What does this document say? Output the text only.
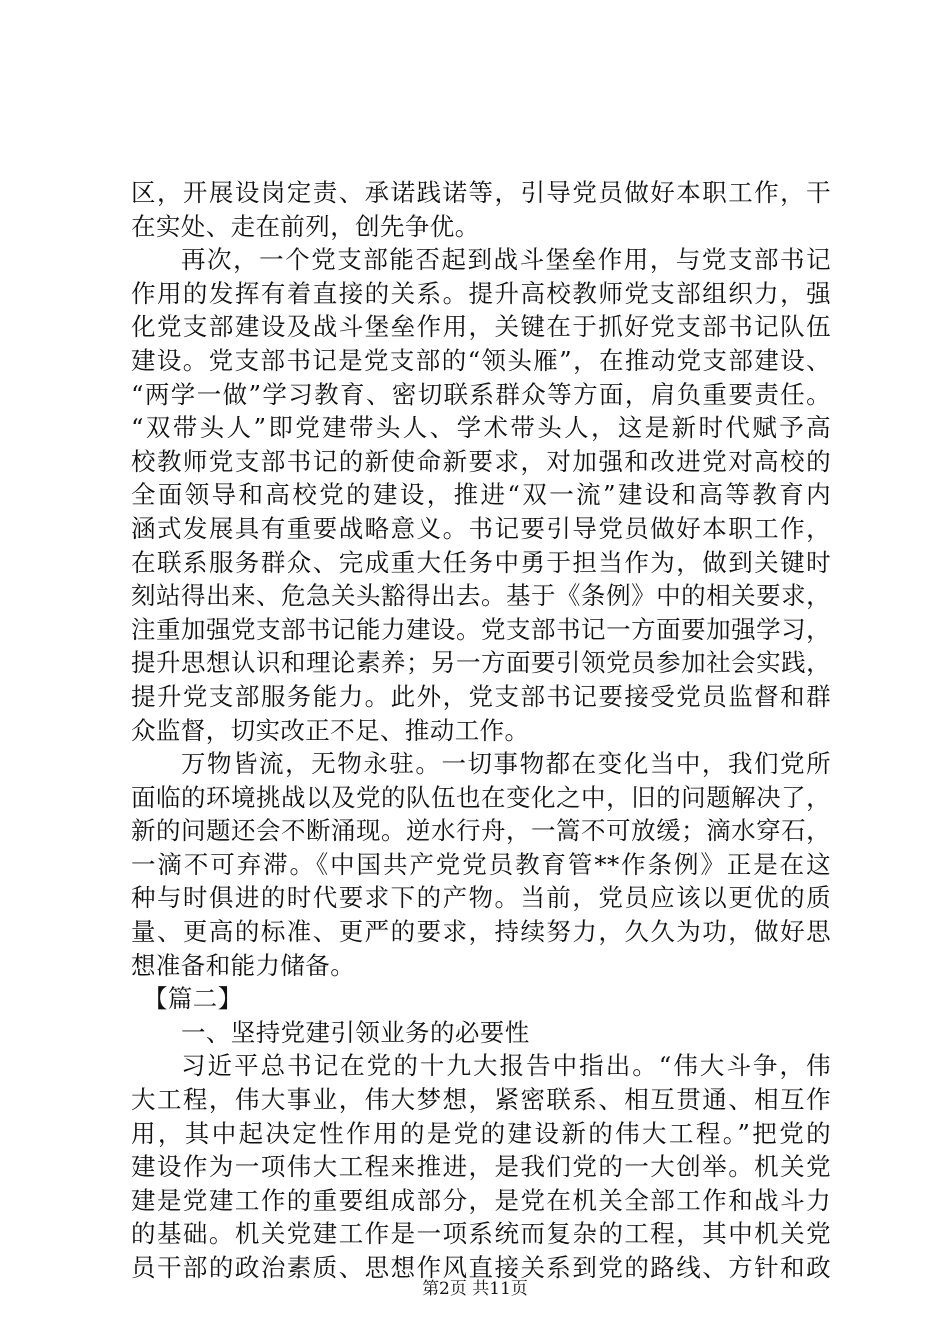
区，开展设岗定责、承诺践诺等，引导党员做好本职工作，干
在实处、走在前列，创先争优。
再次，一个党支部能否起到战斗堡垒作用，与党支部书记
作用的发挥有着直接的关系。提升高校教师党支部组织力，强
化党支部建设及战斗堡垒作用，关键在于抓好党支部书记队伍
建设。党支部书记是党支部的“领头雁”，在推动党支部建设、
“两学一做”学习教育、密切联系群众等方面，肩负重要责任。
“双带头人”即党建带头人、学术带头人，这是新时代赋予高
校教师党支部书记的新使命新要求，对加强和改进党对高校的
全面领导和高校党的建设，推进“双一流”建设和高等教育内
涵式发展具有重要战略意义。书记要引导党员做好本职工作，
在联系服务群众、完成重大任务中勇于担当作为，做到关键时
刻站得出来、危急关头豁得出去。基于《条例》中的相关要求，
注重加强党支部书记能力建设。党支部书记一方面要加强学习，
提升思想认识和理论素养；另一方面要引领党员参加社会实践，
提升党支部服务能力。此外，党支部书记要接受党员监督和群
众监督，切实改正不足、推动工作。
万物皆流，无物永驻。一切事物都在变化当中，我们党所
面临的环境挑战以及党的队伍也在变化之中，旧的问题解决了，
新的问题还会不断涌现。逆水行舟，一篙不可放缓；滴水穿石，
一滴不可弃滞。《中国共产党党员教育管**作条例》正是在这
种与时俱进的时代要求下的产物。当前，党员应该以更优的质
量、更高的标准、更严的要求，持续努力，久久为功，做好思
想准备和能力储备。
【篇二】
一、坚持党建引领业务的必要性
习近平总书记在党的十九大报告中指出。“伟大斗争，伟
大工程，伟大事业，伟大梦想，紧密联系、相互贯通、相互作
用，其中起决定性作用的是党的建设新的伟大工程。”把党的
建设作为一项伟大工程来推进，是我们党的一大创举。机关党
建是党建工作的重要组成部分，是党在机关全部工作和战斗力
的基础。机关党建工作是一项系统而复杂的工程，其中机关党
员干部的政治素质、思想作风直接关系到党的路线、方针和政
第2页 共11页
